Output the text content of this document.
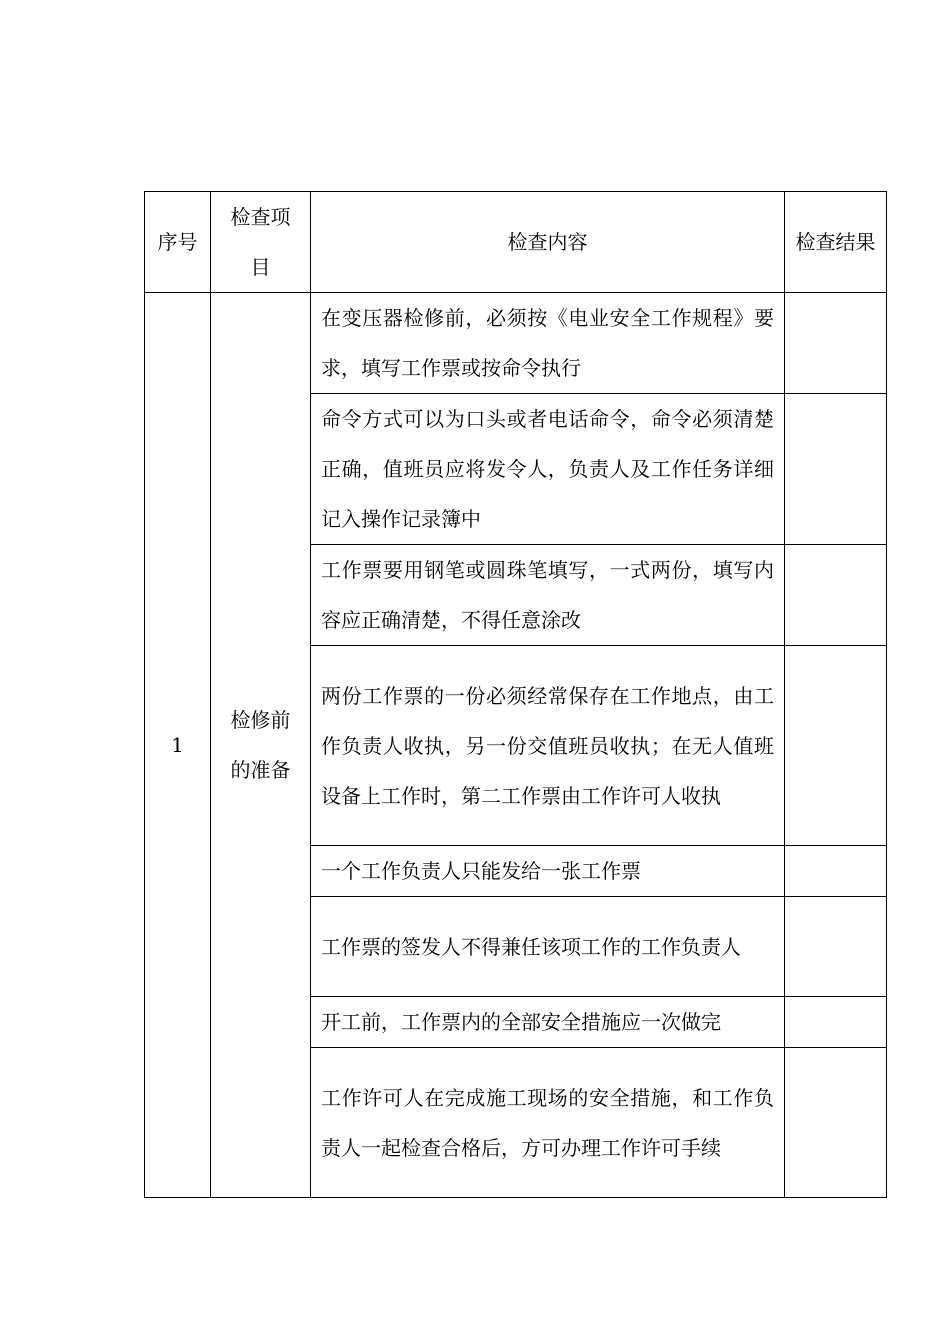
序号	检查项目	检查内容	检查结果
1	检修前的准备	在变压器检修前，必须按《电业安全工作规程》要求，填写工作票或按命令执行	
		命令方式可以为口头或者电话命令，命令必须清楚正确，值班员应将发令人，负责人及工作任务详细记入操作记录簿中	
		工作票要用钢笔或圆珠笔填写，一式两份，填写内容应正确清楚，不得任意涂改	
		两份工作票的一份必须经常保存在工作地点，由工作负责人收执，另一份交值班员收执；在无人值班设备上工作时，第二工作票由工作许可人收执	
		一个工作负责人只能发给一张工作票	
		工作票的签发人不得兼任该项工作的工作负责人	
		开工前，工作票内的全部安全措施应一次做完	
		工作许可人在完成施工现场的安全措施，和工作负责人一起检查合格后，方可办理工作许可手续	
